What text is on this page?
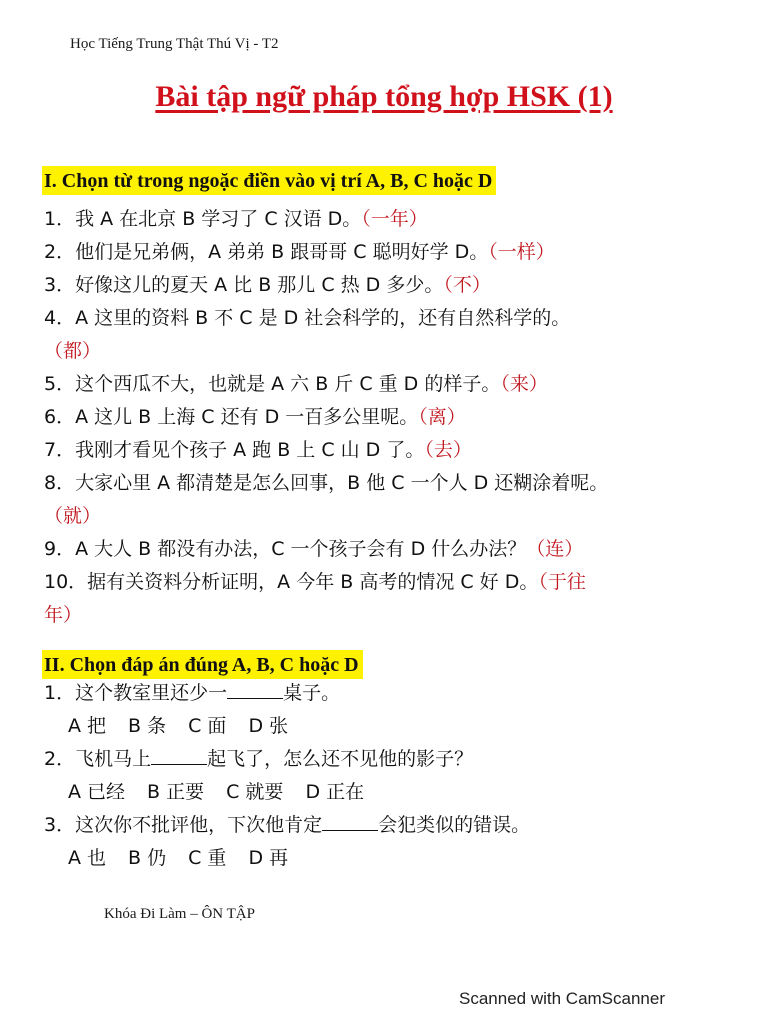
Học Tiếng Trung Thật Thú Vị - T2
Bài tập ngữ pháp tổng hợp HSK (1)
I. Chọn từ trong ngoặc điền vào vị trí A, B, C hoặc D
1．我 A 在北京 B 学习了 C 汉语 D。（一年）
2．他们是兄弟俩，A 弟弟 B 跟哥哥 C 聪明好学 D。（一样）
3．好像这儿的夏天 A 比 B 那儿 C 热 D 多少。（不）
4．A 这里的资料 B 不 C 是 D 社会科学的，还有自然科学的。
（都）
5．这个西瓜不大，也就是 A 六 B 斤 C 重 D 的样子。（来）
6．A 这儿 B 上海 C 还有 D 一百多公里呢。（离）
7．我刚才看见个孩子 A 跑 B 上 C 山 D 了。（去）
8．大家心里 A 都清楚是怎么回事，B 他 C 一个人 D 还糊涂着呢。
（就）
9．A 大人 B 都没有办法，C 一个孩子会有 D 什么办法？（连）
10．据有关资料分析证明，A 今年 B 高考的情况 C 好 D。（于往
年）
II. Chọn đáp án đúng A, B, C hoặc D
1．这个教室里还少一	桌子。
A 把 B 条 C 面 D 张
2．飞机马上	起飞了，怎么还不见他的影子？
A 已经 B 正要 C 就要 D 正在
3．这次你不批评他，下次他肯定	会犯类似的错误。
A 也 B 仍 C 重 D 再
Khóa Đi Làm – ÔN TẬP
Scanned with CamScanner
